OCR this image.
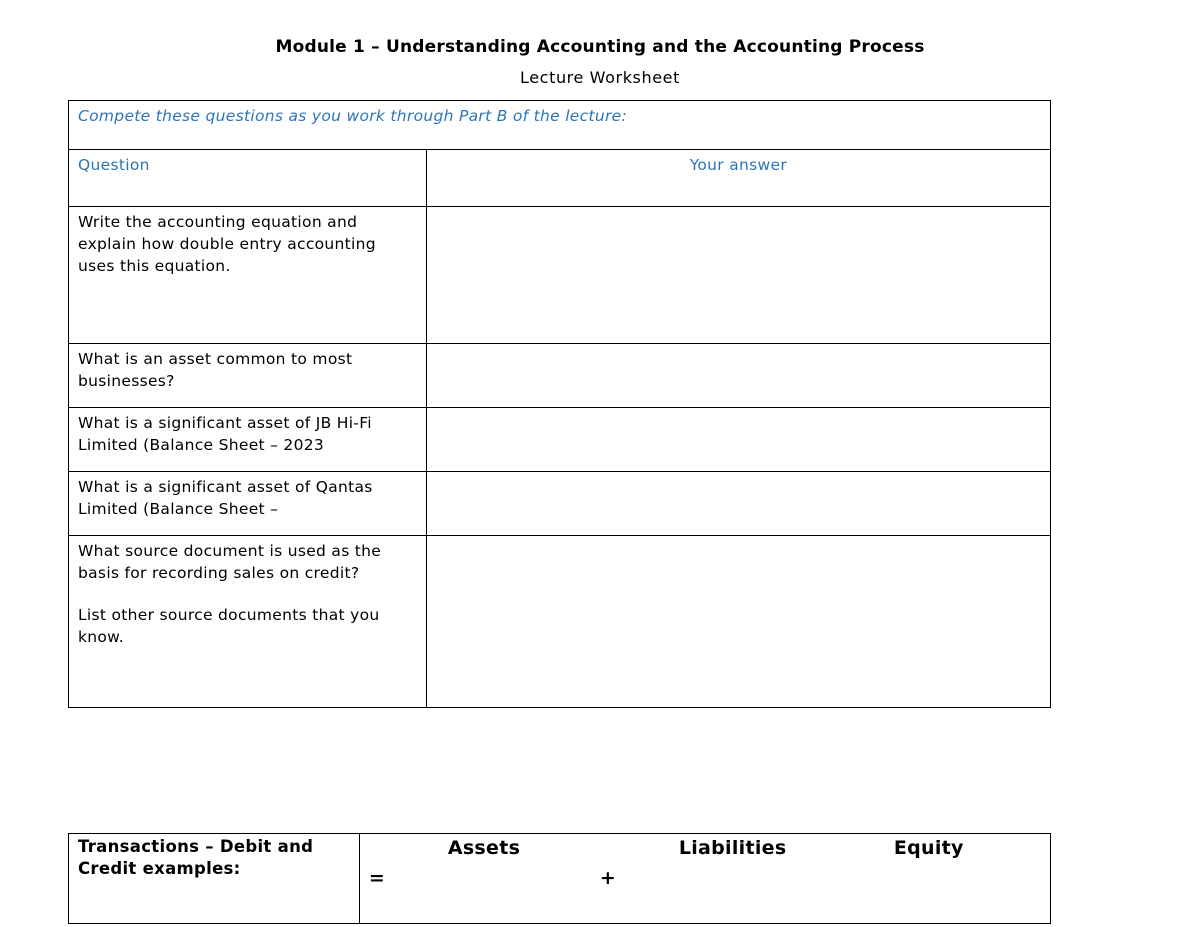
Module 1 – Understanding Accounting and the Accounting Process
Lecture Worksheet
Compete these questions as you work through Part B of the lecture:	

Question	Your answer

Write the accounting equation and explain how double entry accounting uses this equation.	

What is an asset common to most businesses?	

What is a significant asset of JB Hi-Fi Limited (Balance Sheet – 2023	

What is a significant asset of Qantas Limited (Balance Sheet –	

What source document is used as the basis for recording sales on credit?
List other source documents that you know.	

Transactions – Debit and Credit examples:

Assets	Liabilities	Equity
=	+
